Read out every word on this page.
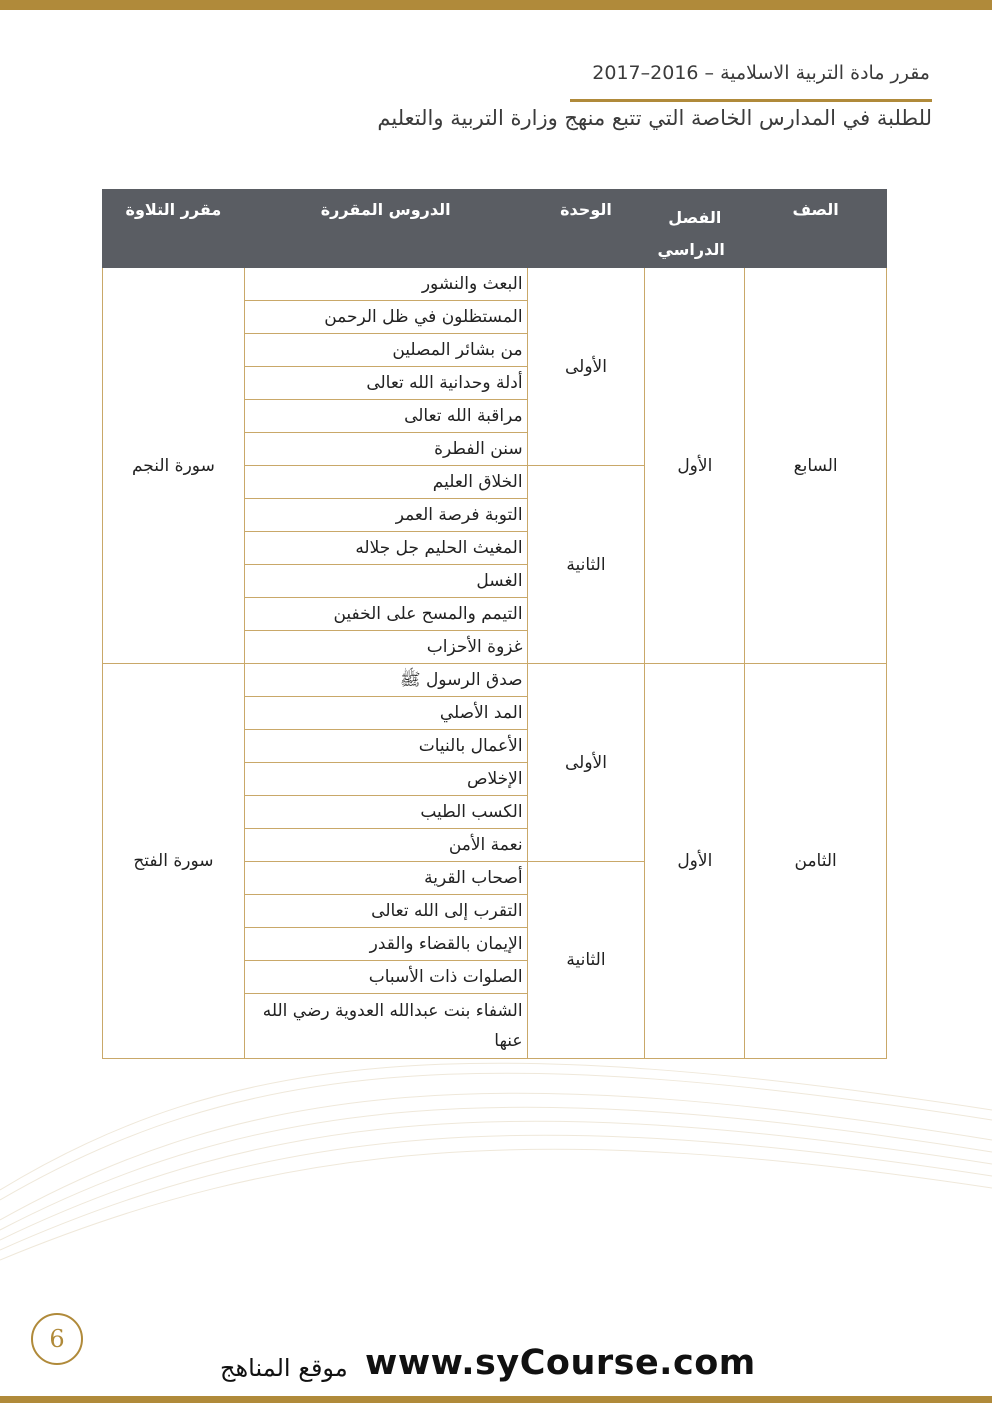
مقرر مادة التربية الاسلامية – 2016–2017
للطلبة في المدارس الخاصة التي تتبع منهج وزارة التربية والتعليم
الصف	الفصل الدراسي	الوحدة	الدروس المقررة	مقرر التلاوة
السابع	الأول	الأولى	البعث والنشور	سورة النجم
			المستظلون في ظل الرحمن	
			من بشائر المصلين	
			أدلة وحدانية الله تعالى	
			مراقبة الله تعالى	
			سنن الفطرة	
		الثانية	الخلاق العليم	
			التوبة فرصة العمر	
			المغيث الحليم جل جلاله	
			الغسل	
			التيمم والمسح على الخفين	
			غزوة الأحزاب	
الثامن	الأول	الأولى	صدق الرسول ﷺ	سورة الفتح
			المد الأصلي	
			الأعمال بالنيات	
			الإخلاص	
			الكسب الطيب	
			نعمة الأمن	
		الثانية	أصحاب القرية	
			التقرب إلى الله تعالى	
			الإيمان بالقضاء والقدر	
			الصلوات ذات الأسباب	
			الشفاء بنت عبدالله العدوية رضي الله عنها	
6
www.syCourse.com
موقع المناهج
